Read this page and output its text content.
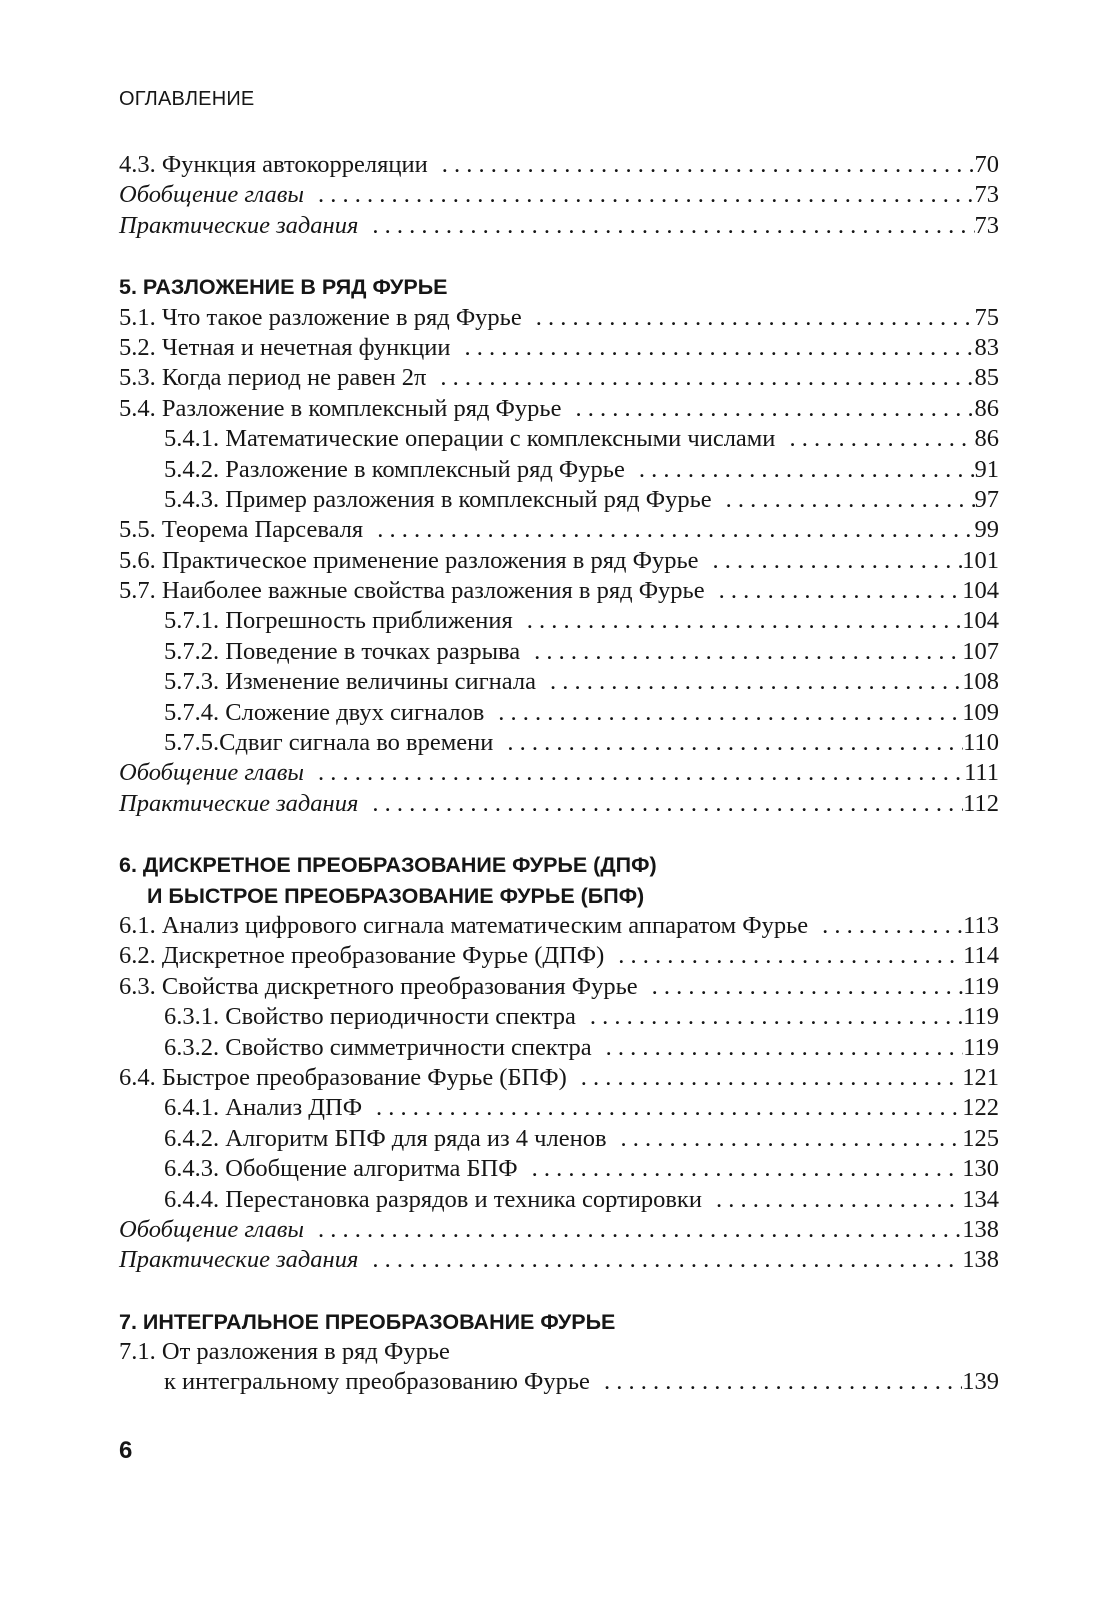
ОГЛАВЛЕНИЕ
4.3. Функция автокорреляции . . .	70
Обобщение главы . . .	73
Практические задания . . .	73
5. РАЗЛОЖЕНИЕ В РЯД ФУРЬЕ
5.1. Что такое разложение в ряд Фурье . . .	75
5.2. Четная и нечетная функции . . .	83
5.3. Когда период не равен 2π . . .	85
5.4. Разложение в комплексный ряд Фурье . . .	86
5.4.1. Математические операции с комплексными числами . . .	86
5.4.2. Разложение в комплексный ряд Фурье . . .	91
5.4.3. Пример разложения в комплексный ряд Фурье . . .	97
5.5. Теорема Парсеваля . . .	99
5.6. Практическое применение разложения в ряд Фурье . . .	101
5.7. Наиболее важные свойства разложения в ряд Фурье . . .	104
5.7.1. Погрешность приближения . . .	104
5.7.2. Поведение в точках разрыва . . .	107
5.7.3. Изменение величины сигнала . . .	108
5.7.4. Сложение двух сигналов . . .	109
5.7.5.Сдвиг сигнала во времени . . .	110
Обобщение главы . . .	111
Практические задания . . .	112
6. ДИСКРЕТНОЕ ПРЕОБРАЗОВАНИЕ ФУРЬЕ (ДПФ)
И БЫСТРОЕ ПРЕОБРАЗОВАНИЕ ФУРЬЕ (БПФ)
6.1. Анализ цифрового сигнала математическим аппаратом Фурье . . .	113
6.2. Дискретное преобразование Фурье (ДПФ) . . .	114
6.3. Свойства дискретного преобразования Фурье . . .	119
6.3.1. Свойство периодичности спектра . . .	119
6.3.2. Свойство симметричности спектра . . .	119
6.4. Быстрое преобразование Фурье (БПФ) . . .	121
6.4.1. Анализ ДПФ . . .	122
6.4.2. Алгоритм БПФ для ряда из 4 членов . . .	125
6.4.3. Обобщение алгоритма БПФ . . .	130
6.4.4. Перестановка разрядов и техника сортировки . . .	134
Обобщение главы . . .	138
Практические задания . . .	138
7. ИНТЕГРАЛЬНОЕ ПРЕОБРАЗОВАНИЕ ФУРЬЕ
7.1. От разложения в ряд Фурье
к интегральному преобразованию Фурье . . .	139
6
